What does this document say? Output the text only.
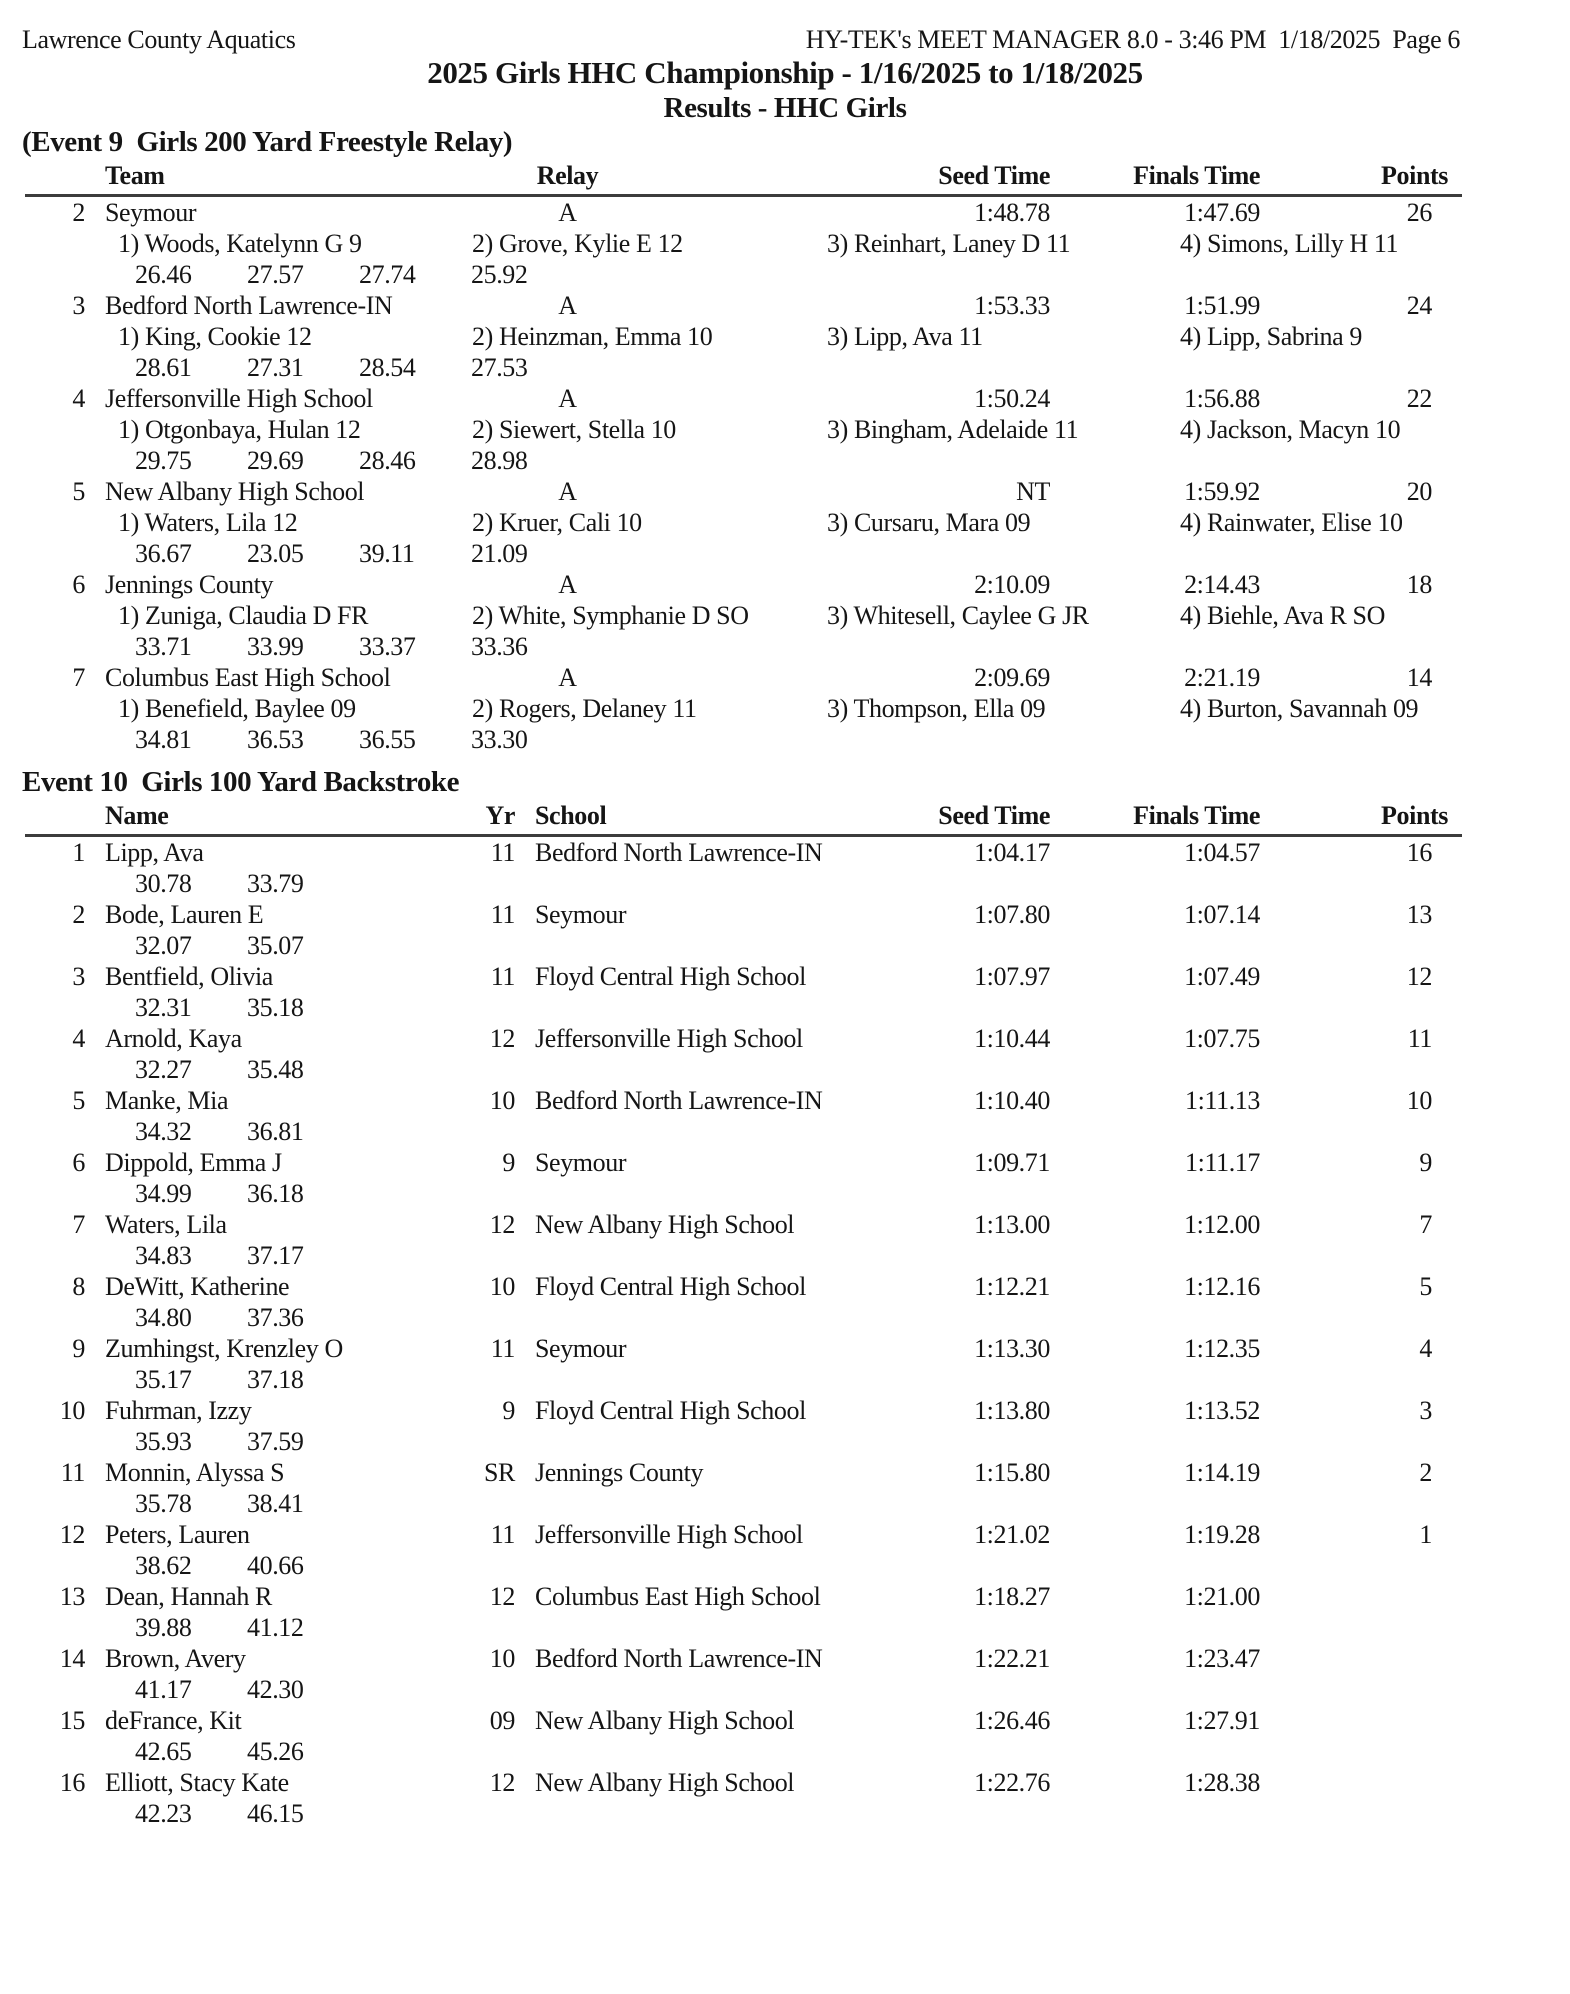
Lawrence County Aquatics	HY-TEK's MEET MANAGER 8.0 - 3:46 PM  1/18/2025  Page 6
2025 Girls HHC Championship - 1/16/2025 to 1/18/2025
Results - HHC Girls
(Event 9  Girls 200 Yard Freestyle Relay)
Team	Relay	Seed Time	Finals Time	Points
2 Seymour	A	1:48.78	1:47.69	26
1) Woods, Katelynn G 9	2) Grove, Kylie E 12	3) Reinhart, Laney D 11	4) Simons, Lilly H 11
26.46 27.57 27.74 25.92
3 Bedford North Lawrence-IN	A	1:53.33	1:51.99	24
1) King, Cookie 12	2) Heinzman, Emma 10	3) Lipp, Ava 11	4) Lipp, Sabrina 9
28.61 27.31 28.54 27.53
4 Jeffersonville High School	A	1:50.24	1:56.88	22
1) Otgonbaya, Hulan 12	2) Siewert, Stella 10	3) Bingham, Adelaide 11	4) Jackson, Macyn 10
29.75 29.69 28.46 28.98
5 New Albany High School	A	NT	1:59.92	20
1) Waters, Lila 12	2) Kruer, Cali 10	3) Cursaru, Mara 09	4) Rainwater, Elise 10
36.67 23.05 39.11 21.09
6 Jennings County	A	2:10.09	2:14.43	18
1) Zuniga, Claudia D FR	2) White, Symphanie D SO	3) Whitesell, Caylee G JR	4) Biehle, Ava R SO
33.71 33.99 33.37 33.36
7 Columbus East High School	A	2:09.69	2:21.19	14
1) Benefield, Baylee 09	2) Rogers, Delaney 11	3) Thompson, Ella 09	4) Burton, Savannah 09
34.81 36.53 36.55 33.30
Event 10  Girls 100 Yard Backstroke
Name	Yr School	Seed Time	Finals Time	Points
1 Lipp, Ava	11 Bedford North Lawrence-IN	1:04.17	1:04.57	16
30.78 33.79
2 Bode, Lauren E	11 Seymour	1:07.80	1:07.14	13
32.07 35.07
3 Bentfield, Olivia	11 Floyd Central High School	1:07.97	1:07.49	12
32.31 35.18
4 Arnold, Kaya	12 Jeffersonville High School	1:10.44	1:07.75	11
32.27 35.48
5 Manke, Mia	10 Bedford North Lawrence-IN	1:10.40	1:11.13	10
34.32 36.81
6 Dippold, Emma J	9 Seymour	1:09.71	1:11.17	9
34.99 36.18
7 Waters, Lila	12 New Albany High School	1:13.00	1:12.00	7
34.83 37.17
8 DeWitt, Katherine	10 Floyd Central High School	1:12.21	1:12.16	5
34.80 37.36
9 Zumhingst, Krenzley O	11 Seymour	1:13.30	1:12.35	4
35.17 37.18
10 Fuhrman, Izzy	9 Floyd Central High School	1:13.80	1:13.52	3
35.93 37.59
11 Monnin, Alyssa S	SR Jennings County	1:15.80	1:14.19	2
35.78 38.41
12 Peters, Lauren	11 Jeffersonville High School	1:21.02	1:19.28	1
38.62 40.66
13 Dean, Hannah R	12 Columbus East High School	1:18.27	1:21.00
39.88 41.12
14 Brown, Avery	10 Bedford North Lawrence-IN	1:22.21	1:23.47
41.17 42.30
15 deFrance, Kit	09 New Albany High School	1:26.46	1:27.91
42.65 45.26
16 Elliott, Stacy Kate	12 New Albany High School	1:22.76	1:28.38
42.23 46.15
